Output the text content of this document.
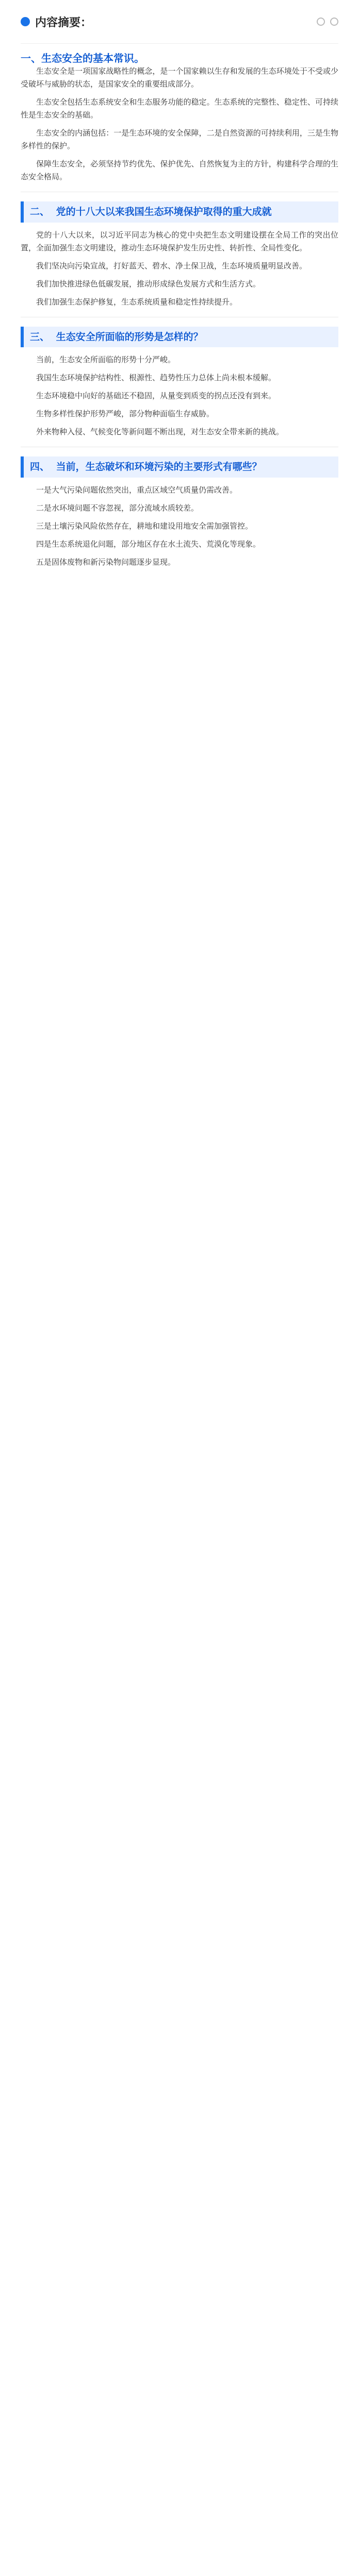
内容摘要：
一、生态安全的基本常识。

生态安全是一项国家战略性的概念，是一个国家赖以生存和发展的生态环境处于不受或少受破坏与威胁的状态，是国家安全的重要组成部分。

生态安全包括生态系统安全和生态服务功能的稳定。生态系统的完整性、稳定性、可持续性是生态安全的基础。

生态安全的内涵包括：一是生态环境的安全保障，二是自然资源的可持续利用，三是生物多样性的保护。

保障生态安全，必须坚持节约优先、保护优先、自然恢复为主的方针，构建科学合理的生态安全格局。

二、 党的十八大以来我国生态环境保护取得的重大成就

党的十八大以来，以习近平同志为核心的党中央把生态文明建设摆在全局工作的突出位置，全面加强生态文明建设，推动生态环境保护发生历史性、转折性、全局性变化。

我们坚决向污染宣战，打好蓝天、碧水、净土保卫战，生态环境质量明显改善。

我们加快推进绿色低碳发展，推动形成绿色发展方式和生活方式。

我们加强生态保护修复，生态系统质量和稳定性持续提升。

三、 生态安全所面临的形势是怎样的？

当前，生态安全所面临的形势十分严峻。

我国生态环境保护结构性、根源性、趋势性压力总体上尚未根本缓解。

生态环境稳中向好的基础还不稳固，从量变到质变的拐点还没有到来。

生物多样性保护形势严峻，部分物种面临生存威胁。

外来物种入侵、气候变化等新问题不断出现，对生态安全带来新的挑战。

四、 当前，生态破坏和环境污染的主要形式有哪些？

一是大气污染问题依然突出，重点区域空气质量仍需改善。

二是水环境问题不容忽视，部分流域水质较差。

三是土壤污染风险依然存在，耕地和建设用地安全需加强管控。

四是生态系统退化问题，部分地区存在水土流失、荒漠化等现象。

五是固体废物和新污染物问题逐步显现。
